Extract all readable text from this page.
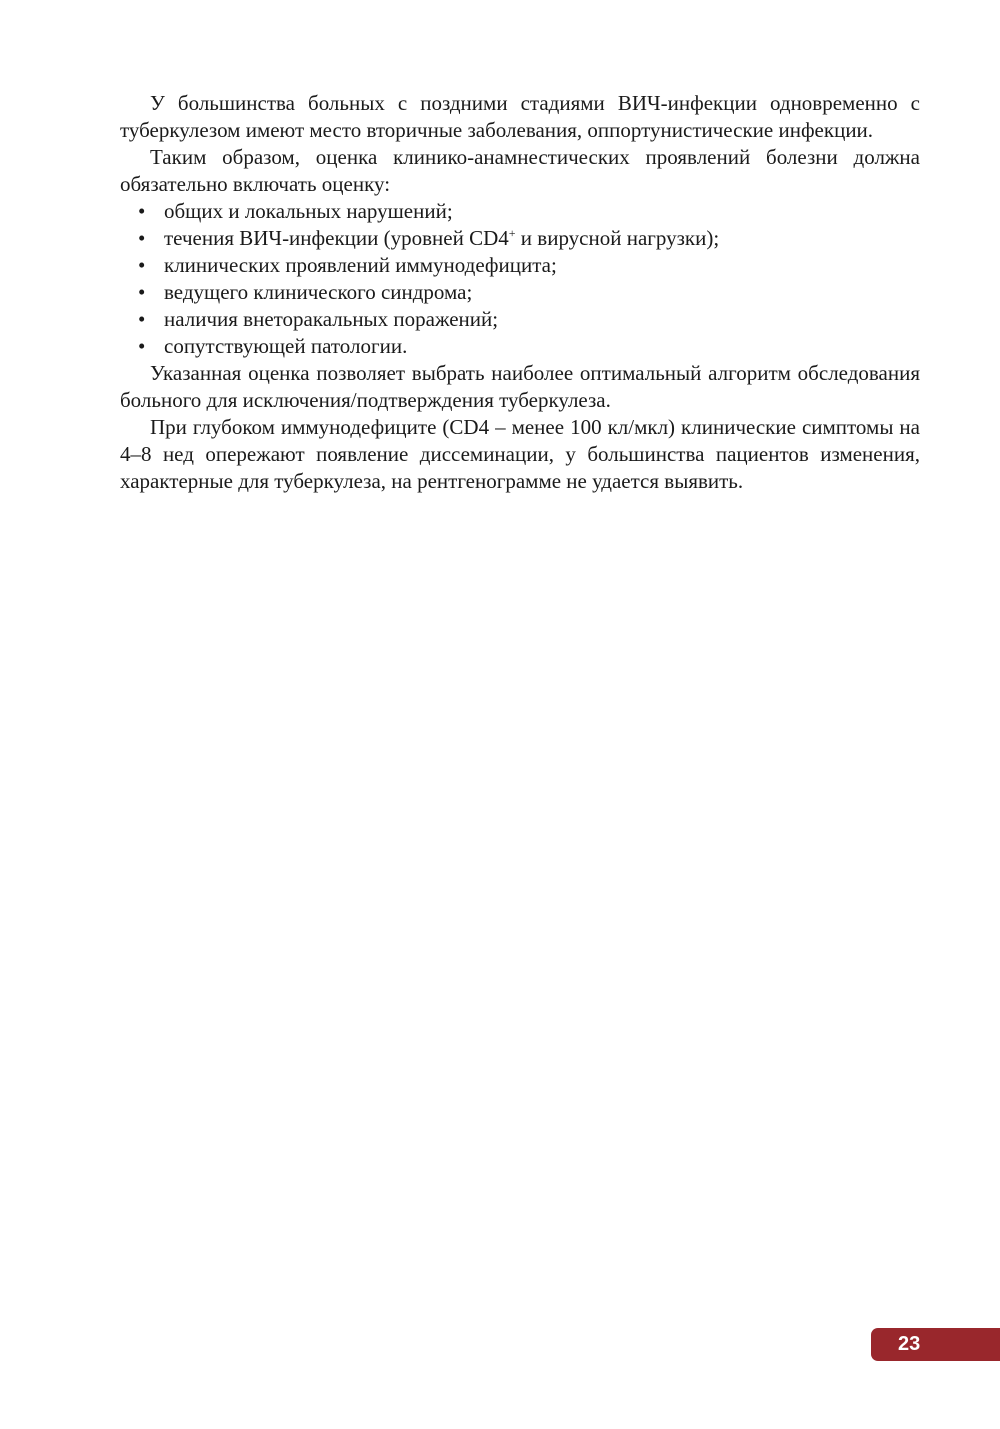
У большинства больных с поздними стадиями ВИЧ-инфекции одновременно с туберкулезом имеют место вторичные заболевания, оппортунистические инфекции.

Таким образом, оценка клинико-анамнестических проявлений болезни должна обязательно включать оценку:

• общих и локальных нарушений;
• течения ВИЧ-инфекции (уровней CD4+ и вирусной нагрузки);
• клинических проявлений иммунодефицита;
• ведущего клинического синдрома;
• наличия внеторакальных поражений;
• сопутствующей патологии.

Указанная оценка позволяет выбрать наиболее оптимальный алгоритм обследования больного для исключения/подтверждения туберкулеза.

При глубоком иммунодефиците (CD4 – менее 100 кл/мкл) клинические симптомы на 4–8 нед опережают появление диссеминации, у большинства пациентов изменения, характерные для туберкулеза, на рентгенограмме не удается выявить.

23
